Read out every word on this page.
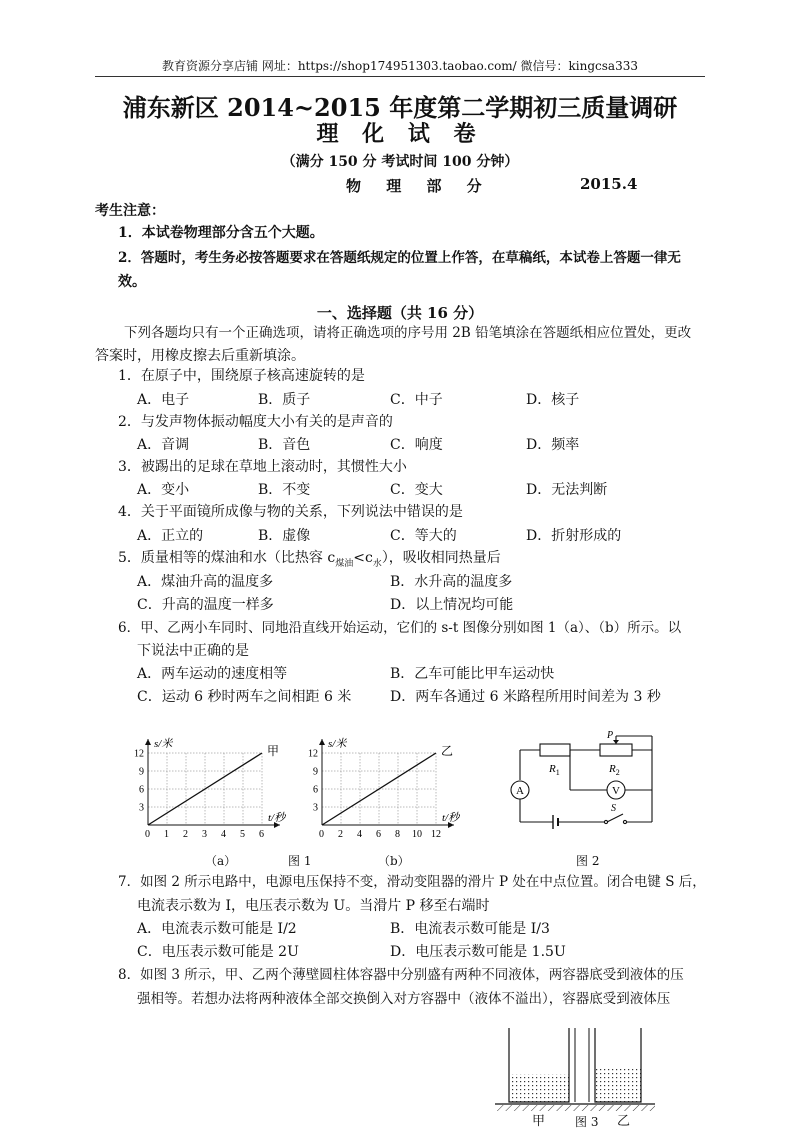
教育资源分享店铺 网址：https://shop174951303.taobao.com/ 微信号：kingcsa333
浦东新区 2014~2015 年度第二学期初三质量调研
理 化 试 卷
（满分 150 分 考试时间 100 分钟）
物 理 部 分	2015.4
考生注意：
1．本试卷物理部分含五个大题。
2．答题时，考生务必按答题要求在答题纸规定的位置上作答，在草稿纸，本试卷上答题一律无
效。
一、选择题（共 16 分）
下列各题均只有一个正确选项，请将正确选项的序号用 2B 铅笔填涂在答题纸相应位置处，更改
答案时，用橡皮擦去后重新填涂。
1．在原子中，围绕原子核高速旋转的是
A．电子	B．质子	C．中子	D．核子
2．与发声物体振动幅度大小有关的是声音的
A．音调	B．音色	C．响度	D．频率
3．被踢出的足球在草地上滚动时，其惯性大小
A．变小	B．不变	C．变大	D．无法判断
4．关于平面镜所成像与物的关系，下列说法中错误的是
A．正立的	B．虚像	C．等大的	D．折射形成的
5．质量相等的煤油和水（比热容 $c_{煤油}<c_水$），吸收相同热量后
A．煤油升高的温度多	B．水升高的温度多
C．升高的温度一样多	D．以上情况均可能
6．甲、乙两小车同时、同地沿直线开始运动，它们的 s-t 图像分别如图 1（a）、（b）所示。以
下说法中正确的是
A．两车运动的速度相等	B．乙车可能比甲车运动快
C．运动 6 秒时两车之间相距 6 米	D．两车各通过 6 米路程所用时间差为 3 秒
0 1 2 3 4 5 6
3
6
9
12
s/米
t/秒
甲
0 2 4 6 8 10 12
3
6
9
12
s/米
t/秒
乙
（a）	图 1	（b）
A	V
P
$R_1$	$R_2$
S
图 2
7．如图 2 所示电路中，电源电压保持不变，滑动变阻器的滑片 P 处在中点位置。闭合电键 S 后，
电流表示数为 I，电压表示数为 U。当滑片 P 移至右端时
A．电流表示数可能是 I/2	B．电流表示数可能是 I/3
C．电压表示数可能是 2U	D．电压表示数可能是 1.5U
8．如图 3 所示，甲、乙两个薄壁圆柱体容器中分别盛有两种不同液体，两容器底受到液体的压
强相等。若想办法将两种液体全部交换倒入对方容器中（液体不溢出），容器底受到液体压
甲 图 3 乙
